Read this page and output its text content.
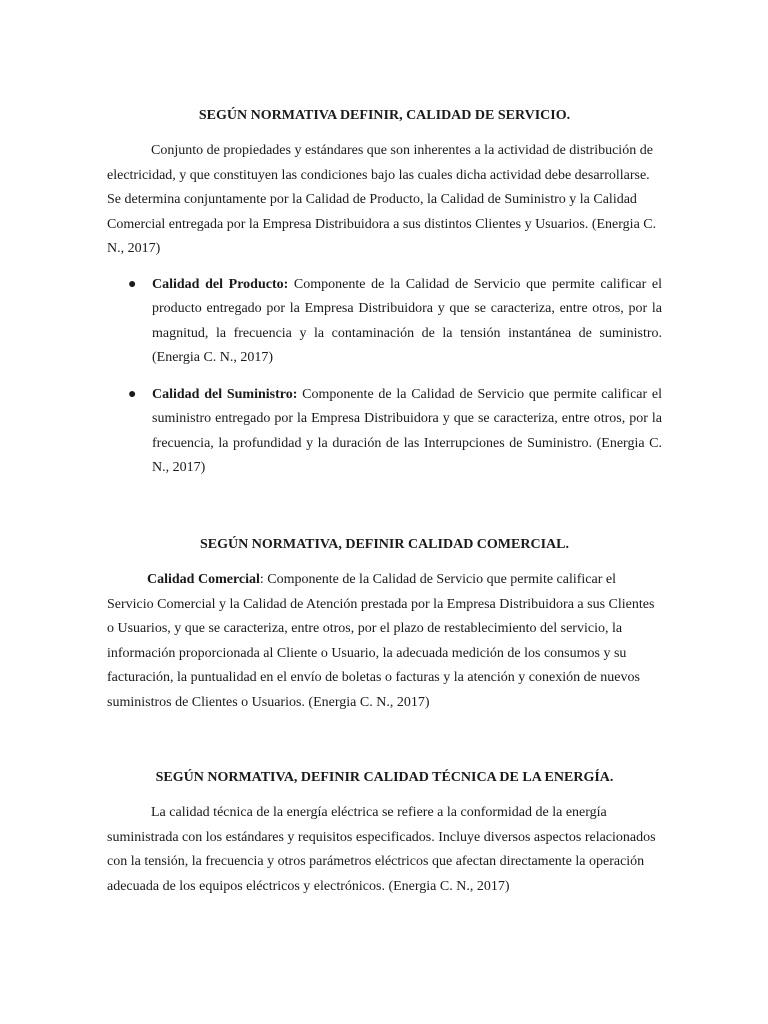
SEGÚN NORMATIVA DEFINIR, CALIDAD DE SERVICIO.

Conjunto de propiedades y estándares que son inherentes a la actividad de distribución de electricidad, y que constituyen las condiciones bajo las cuales dicha actividad debe desarrollarse. Se determina conjuntamente por la Calidad de Producto, la Calidad de Suministro y la Calidad Comercial entregada por la Empresa Distribuidora a sus distintos Clientes y Usuarios. (Energia C. N., 2017)

● Calidad del Producto: Componente de la Calidad de Servicio que permite calificar el producto entregado por la Empresa Distribuidora y que se caracteriza, entre otros, por la magnitud, la frecuencia y la contaminación de la tensión instantánea de suministro. (Energia C. N., 2017)
● Calidad del Suministro: Componente de la Calidad de Servicio que permite calificar el suministro entregado por la Empresa Distribuidora y que se caracteriza, entre otros, por la frecuencia, la profundidad y la duración de las Interrupciones de Suministro. (Energia C. N., 2017)
SEGÚN NORMATIVA, DEFINIR CALIDAD COMERCIAL.

Calidad Comercial: Componente de la Calidad de Servicio que permite calificar el Servicio Comercial y la Calidad de Atención prestada por la Empresa Distribuidora a sus Clientes o Usuarios, y que se caracteriza, entre otros, por el plazo de restablecimiento del servicio, la información proporcionada al Cliente o Usuario, la adecuada medición de los consumos y su facturación, la puntualidad en el envío de boletas o facturas y la atención y conexión de nuevos suministros de Clientes o Usuarios. (Energia C. N., 2017)

SEGÚN NORMATIVA, DEFINIR CALIDAD TÉCNICA DE LA ENERGÍA.

La calidad técnica de la energía eléctrica se refiere a la conformidad de la energía suministrada con los estándares y requisitos especificados. Incluye diversos aspectos relacionados con la tensión, la frecuencia y otros parámetros eléctricos que afectan directamente la operación adecuada de los equipos eléctricos y electrónicos. (Energia C. N., 2017)
